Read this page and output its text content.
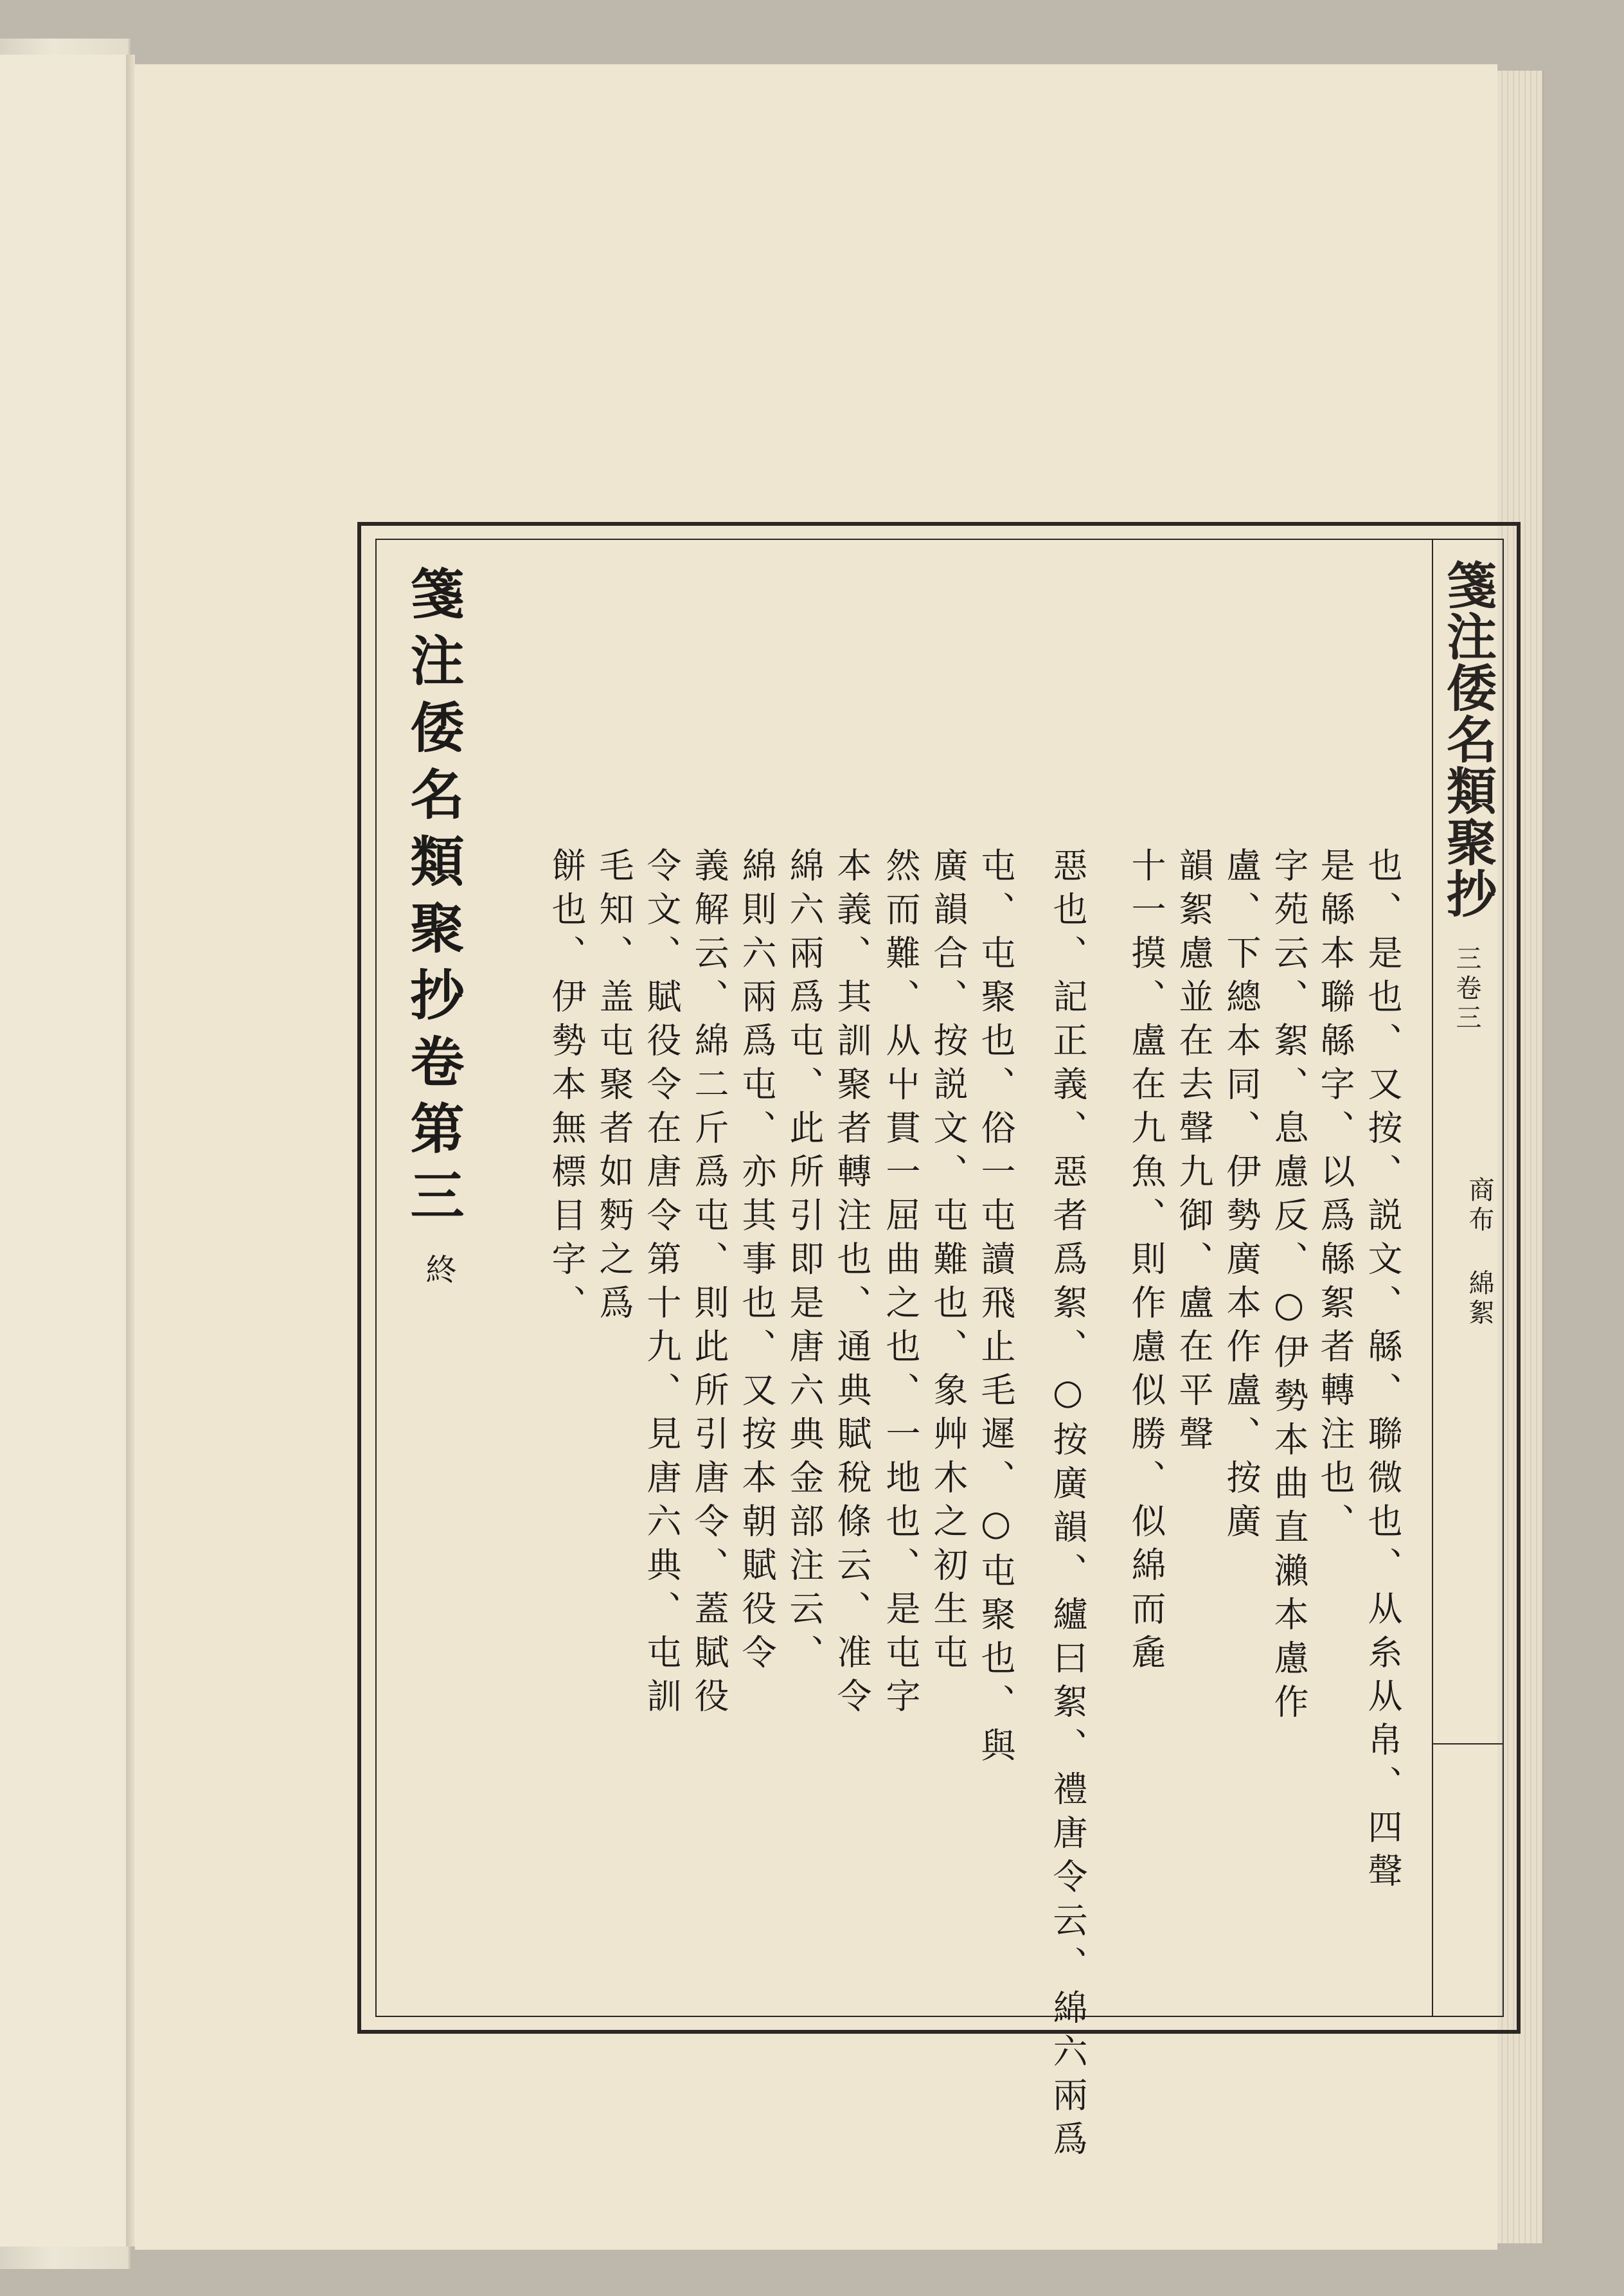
箋注倭名類聚抄
三卷三
商布
綿絮
也、是也、又按、説文、緜、聯微也、从糸从帛、四聲
是緜本聯緜字、以爲緜絮者轉注也、
字苑云、絮、息慮反、○伊勢本曲直瀨本慮作
盧、下總本同、伊勢廣本作盧、按廣
韻絮慮並在去聲九御、盧在平聲
十一摸、盧在九魚、則作慮似勝、似綿而麁
惡也、記正義、惡者爲絮、○按廣韻、纑曰絮、禮唐令云、綿六兩爲
屯、屯聚也、俗一屯讀飛止毛遲、○屯聚也、與
廣韻合、按説文、屯難也、象艸木之初生屯
然而難、从屮貫一屈曲之也、一地也、是屯字
本義、其訓聚者轉注也、通典賦稅條云、准令
綿六兩爲屯、此所引即是唐六典金部注云、
綿則六兩爲屯、亦其事也、又按本朝賦役令
義解云、綿二斤爲屯、則此所引唐令、蓋賦役
令文、賦役令在唐令第十九、見唐六典、屯訓
毛知、盖屯聚者如麪之爲
餅也、伊勢本無標目字、
箋注倭名類聚抄卷第三
終
